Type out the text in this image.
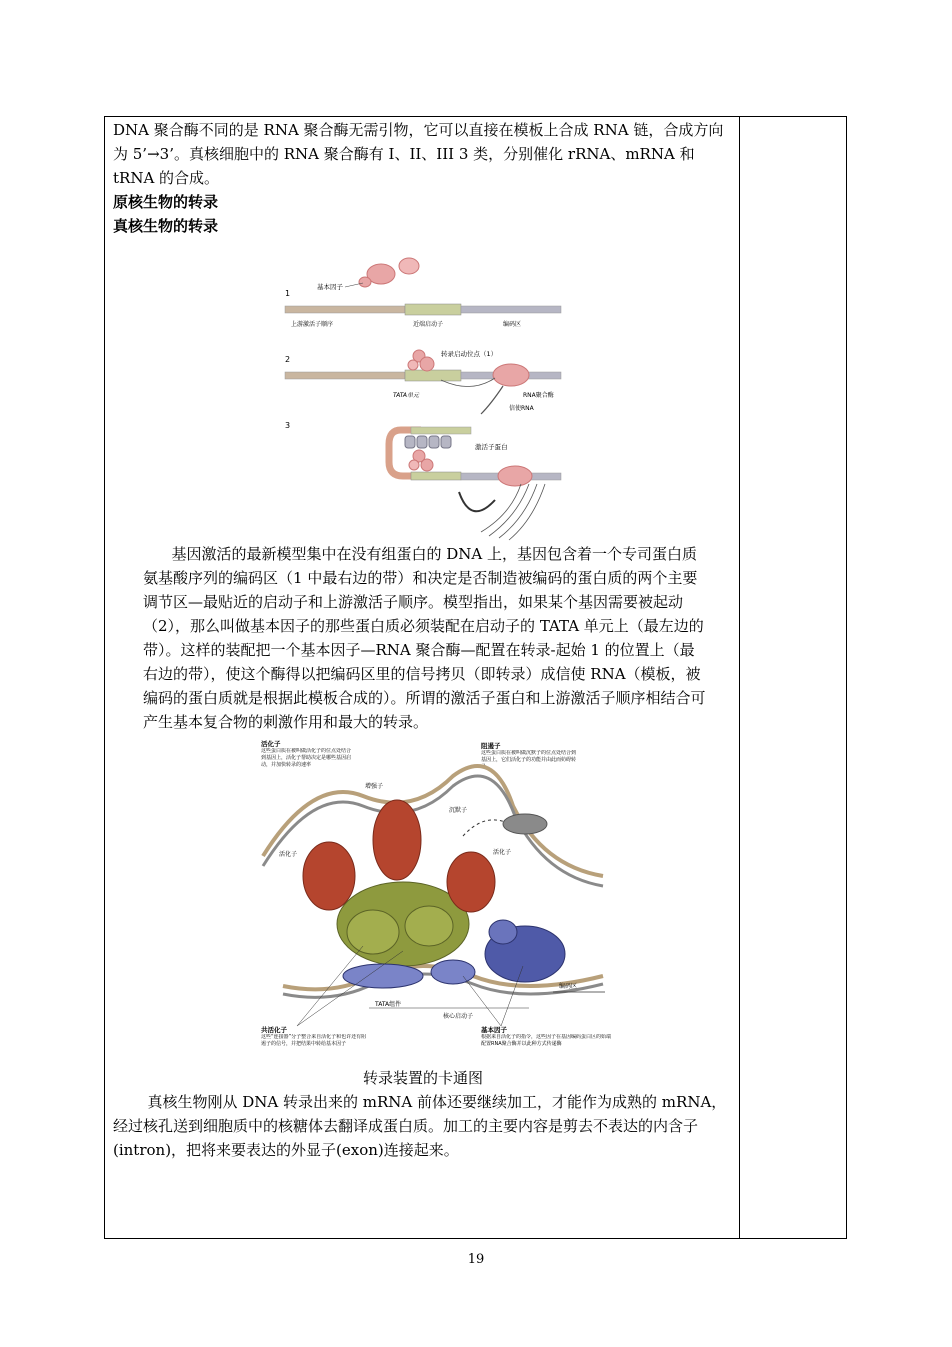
DNA 聚合酶不同的是 RNA 聚合酶无需引物，它可以直接在模板上合成 RNA 链，合成方向为 5’→3’。真核细胞中的 RNA 聚合酶有 I、II、III 3 类，分别催化 rRNA、mRNA 和 tRNA 的合成。

原核生物的转录

真核生物的转录

1
基本因子
上游激活子顺序	近端启动子	编码区
2
转录启动位点（1）
TATA单元	RNA聚合酶
信使RNA
3
激活子蛋白

基因激活的最新模型集中在没有组蛋白的 DNA 上，基因包含着一个专司蛋白质氨基酸序列的编码区（1 中最右边的带）和决定是否制造被编码的蛋白质的两个主要调节区—最贴近的启动子和上游激活子顺序。模型指出，如果某个基因需要被起动（2），那么叫做基本因子的那些蛋白质必须装配在启动子的 TATA 单元上（最左边的带）。这样的装配把一个基本因子—RNA 聚合酶—配置在转录-起始 1 的位置上（最右边的带），使这个酶得以把编码区里的信号拷贝（即转录）成信使 RNA（模板，被编码的蛋白质就是根据此模板合成的）。所谓的激活子蛋白和上游激活子顺序相结合可产生基本复合物的刺激作用和最大的转录。

活化子
这些蛋白质在被叫做活化子的位点处结合到基因上，活化子帮助决定是哪些基因启动，并加快转录的速率
阻遏子
这些蛋白质在被叫做沉默子的位点处结合到基因上，它们活化子的功能并由此而妨碍转录
增强子
沉默子
活化子	活化子
编码区
TATA组件
核心启动子
共活化子
这些“连接器”分子整合来自活化子和也许还有阻遏子的信号，并把结果中转给基本因子
基本因子
根据来自活化子的指令，这些因子在基因编码蛋白区的始端配置RNA聚合酶并以此种方式传递酶

转录装置的卡通图

真核生物刚从 DNA 转录出来的 mRNA 前体还要继续加工，才能作为成熟的 mRNA，经过核孔送到细胞质中的核糖体去翻译成蛋白质。加工的主要内容是剪去不表达的内含子(intron)，把将来要表达的外显子(exon)连接起来。

19
